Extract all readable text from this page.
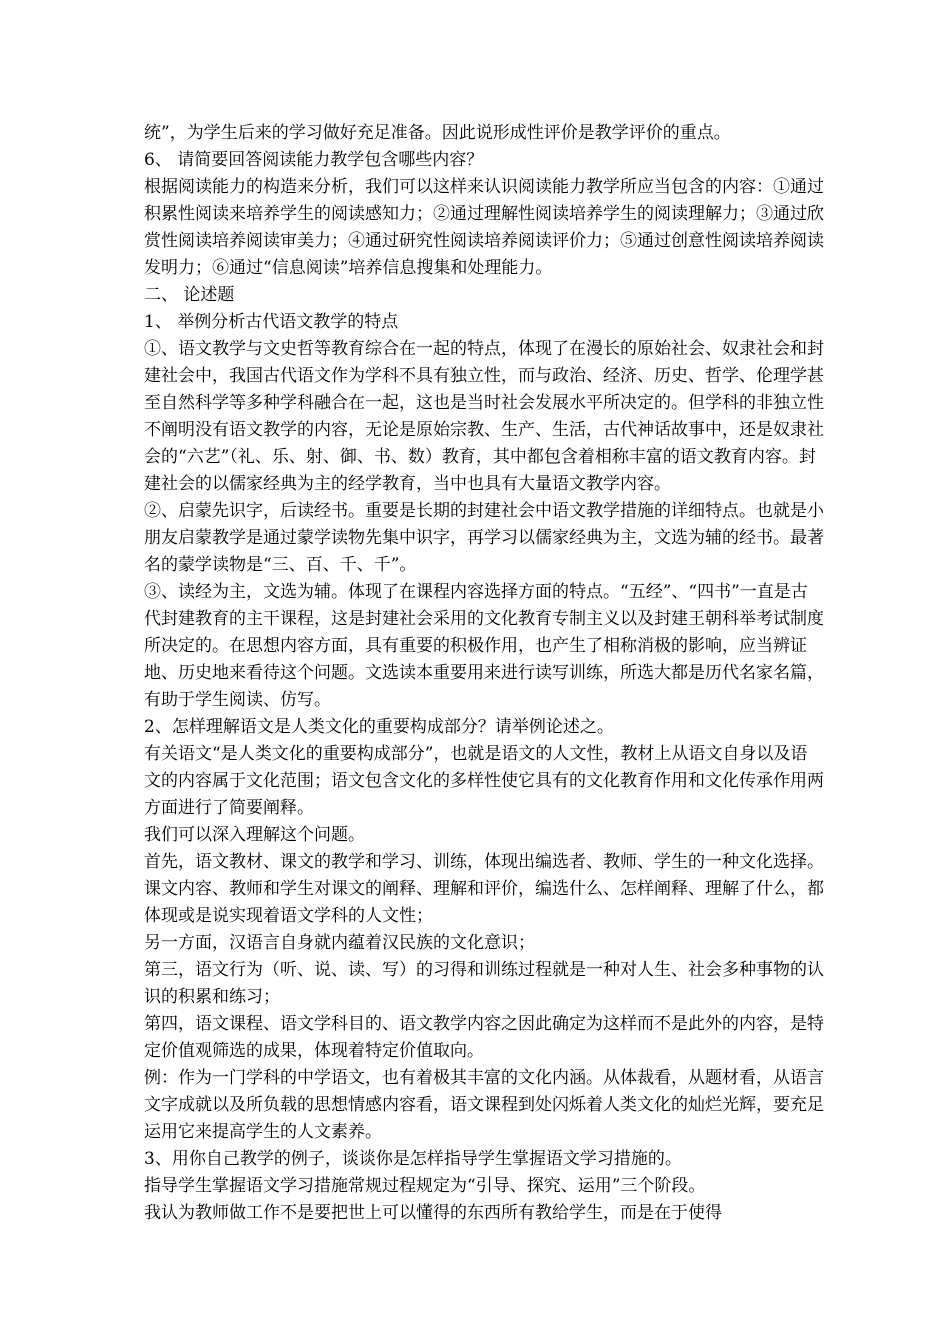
统”，为学生后来的学习做好充足准备。因此说形成性评价是教学评价的重点。

6、 请简要回答阅读能力教学包含哪些内容？

根据阅读能力的构造来分析，我们可以这样来认识阅读能力教学所应当包含的内容：①通过积累性阅读来培养学生的阅读感知力；②通过理解性阅读培养学生的阅读理解力；③通过欣赏性阅读培养阅读审美力；④通过研究性阅读培养阅读评价力；⑤通过创意性阅读培养阅读发明力；⑥通过“信息阅读”培养信息搜集和处理能力。

二、 论述题

1、 举例分析古代语文教学的特点

①、语文教学与文史哲等教育综合在一起的特点，体现了在漫长的原始社会、奴隶社会和封建社会中，我国古代语文作为学科不具有独立性，而与政治、经济、历史、哲学、伦理学甚至自然科学等多种学科融合在一起，这也是当时社会发展水平所决定的。但学科的非独立性不阐明没有语文教学的内容，无论是原始宗教、生产、生活，古代神话故事中，还是奴隶社会的“六艺”（礼、乐、射、御、书、数）教育，其中都包含着相称丰富的语文教育内容。封建社会的以儒家经典为主的经学教育，当中也具有大量语文教学内容。

②、启蒙先识字，后读经书。重要是长期的封建社会中语文教学措施的详细特点。也就是小朋友启蒙教学是通过蒙学读物先集中识字，再学习以儒家经典为主，文选为辅的经书。最著名的蒙学读物是“三、百、千、千”。

③、读经为主，文选为辅。体现了在课程内容选择方面的特点。“五经”、“四书”一直是古代封建教育的主干课程，这是封建社会采用的文化教育专制主义以及封建王朝科举考试制度所决定的。在思想内容方面，具有重要的积极作用，也产生了相称消极的影响，应当辨证地、历史地来看待这个问题。文选读本重要用来进行读写训练，所选大都是历代名家名篇，有助于学生阅读、仿写。

2、怎样理解语文是人类文化的重要构成部分？请举例论述之。

有关语文“是人类文化的重要构成部分”，也就是语文的人文性，教材上从语文自身以及语文的内容属于文化范围；语文包含文化的多样性使它具有的文化教育作用和文化传承作用两方面进行了简要阐释。

我们可以深入理解这个问题。

首先，语文教材、课文的教学和学习、训练，体现出编选者、教师、学生的一种文化选择。课文内容、教师和学生对课文的阐释、理解和评价，编选什么、怎样阐释、理解了什么，都体现或是说实现着语文学科的人文性；

另一方面，汉语言自身就内蕴着汉民族的文化意识；

第三，语文行为（听、说、读、写）的习得和训练过程就是一种对人生、社会多种事物的认识的积累和练习；

第四，语文课程、语文学科目的、语文教学内容之因此确定为这样而不是此外的内容，是特定价值观筛选的成果，体现着特定价值取向。

例：作为一门学科的中学语文，也有着极其丰富的文化内涵。从体裁看，从题材看，从语言文字成就以及所负载的思想情感内容看，语文课程到处闪烁着人类文化的灿烂光辉，要充足运用它来提高学生的人文素养。

3、用你自己教学的例子，谈谈你是怎样指导学生掌握语文学习措施的。

指导学生掌握语文学习措施常规过程规定为“引导、探究、运用”三个阶段。

我认为教师做工作不是要把世上可以懂得的东西所有教给学生，而是在于使得
